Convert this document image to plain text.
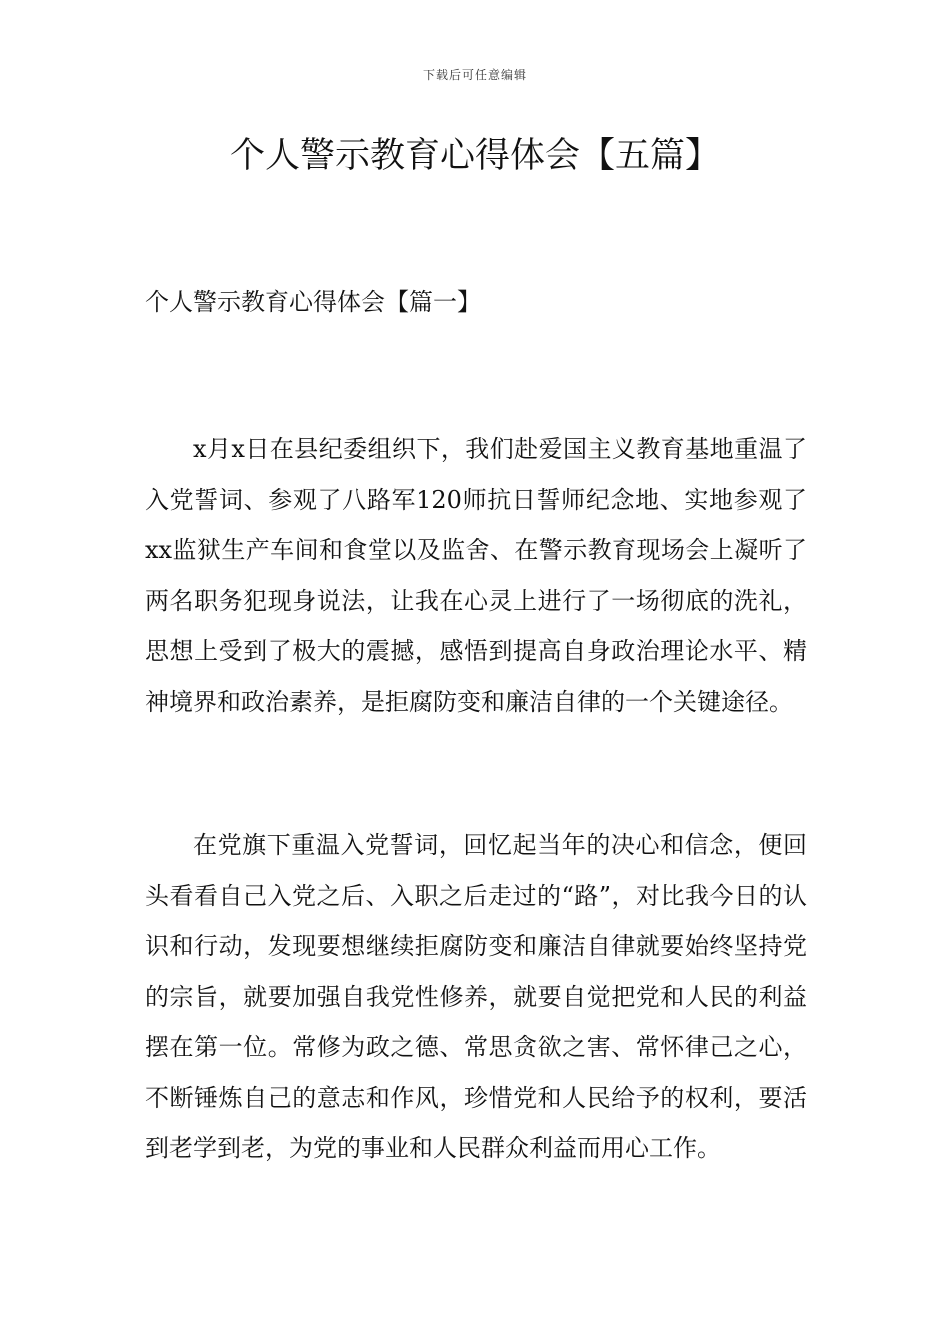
下载后可任意编辑
个人警示教育心得体会【五篇】
个人警示教育心得体会【篇一】

x月x日在县纪委组织下，我们赴爱国主义教育基地重温了入党誓词、参观了八路军120师抗日誓师纪念地、实地参观了xx监狱生产车间和食堂以及监舍、在警示教育现场会上凝听了两名职务犯现身说法，让我在心灵上进行了一场彻底的洗礼，思想上受到了极大的震撼，感悟到提高自身政治理论水平、精神境界和政治素养，是拒腐防变和廉洁自律的一个关键途径。

在党旗下重温入党誓词，回忆起当年的决心和信念，便回头看看自己入党之后、入职之后走过的“路”，对比我今日的认识和行动，发现要想继续拒腐防变和廉洁自律就要始终坚持党的宗旨，就要加强自我党性修养，就要自觉把党和人民的利益摆在第一位。常修为政之德、常思贪欲之害、常怀律己之心，不断锤炼自己的意志和作风，珍惜党和人民给予的权利，要活到老学到老，为党的事业和人民群众利益而用心工作。
